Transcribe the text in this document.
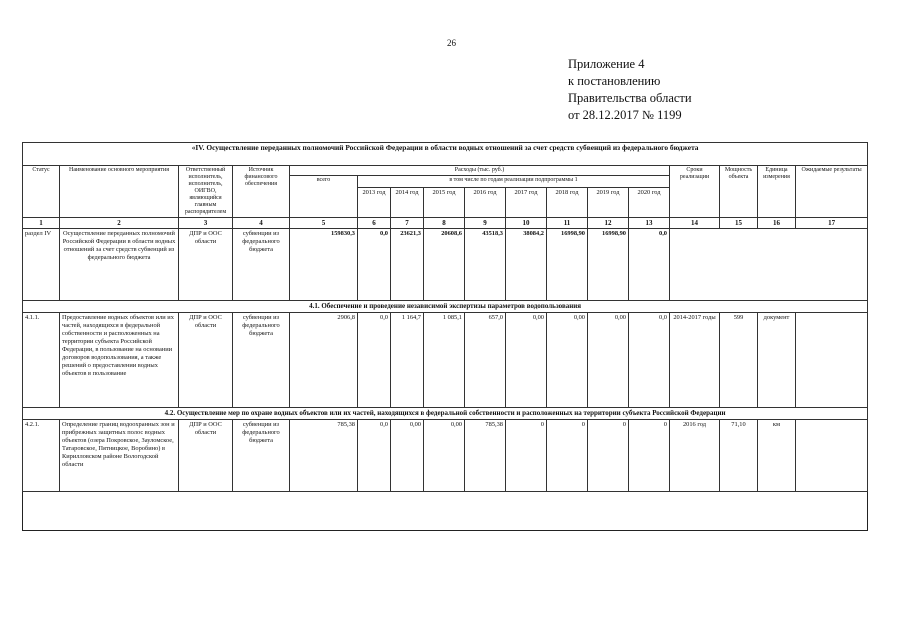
26
Приложение 4
к постановлению
Правительства области
от 28.12.2017 № 1199
«IV. Осуществление переданных полномочий Российской Федерации в области водных отношений за счет средств субвенций из федерального бюджета																
Статус	Наименование основного мероприятия	Ответственный исполнитель, исполнитель, ОИГВО, являющийся главным распорядителем	Источник финансового обеспечения	Расходы (тыс. руб.)									Сроки реализации	Мощность объекта	Единица измерения	Ожидаемые результаты
				всего	в том числе по годам реализации подпрограммы 1											
					2013 год	2014 год	2015 год	2016 год	2017 год	2018 год	2019 год	2020 год				
1	2	3	4	5	6	7	8	9	10	11	12	13	14	15	16	17
раздел IV	Осуществление переданных полномочий Российской Федерации в области водных отношений за счет средств субвенций из федерального бюджета	ДПР и ООС области	субвенции из федерального бюджета	159830,3	0,0	23621,3	20608,6	43518,3	38084,2	16998,90	16998,90	0,0				
4.1. Обеспечение и проведение независимой экспертизы параметров водопользования																
4.1.1.	Предоставление водных объектов или их частей, находящихся в федеральной собственности и расположенных на территории субъекта Российской Федерации, в пользование на основании договоров водопользования, а также решений о предоставлении водных объектов в пользование	ДПР и ООС области	субвенции из федерального бюджета	2906,8	0,0	1 164,7	1 085,1	657,0	0,00	0,00	0,00	0,0	2014-2017 годы	599	документ	
4.2. Осуществление мер по охране водных объектов или их частей, находящихся в федеральной собственности и расположенных на территории субъекта Российской Федерации																
4.2.1.	Определение границ водоохранных зон и прибрежных защитных полос водных объектов (озера Покровское, Зауломское, Татаровское, Пятницкое, Воробино) в Кирилловском районе Вологодской области	ДПР и ООС области	субвенции из федерального бюджета	785,38	0,0	0,00	0,00	785,38	0	0	0	0	2016 год	71,10	км	
